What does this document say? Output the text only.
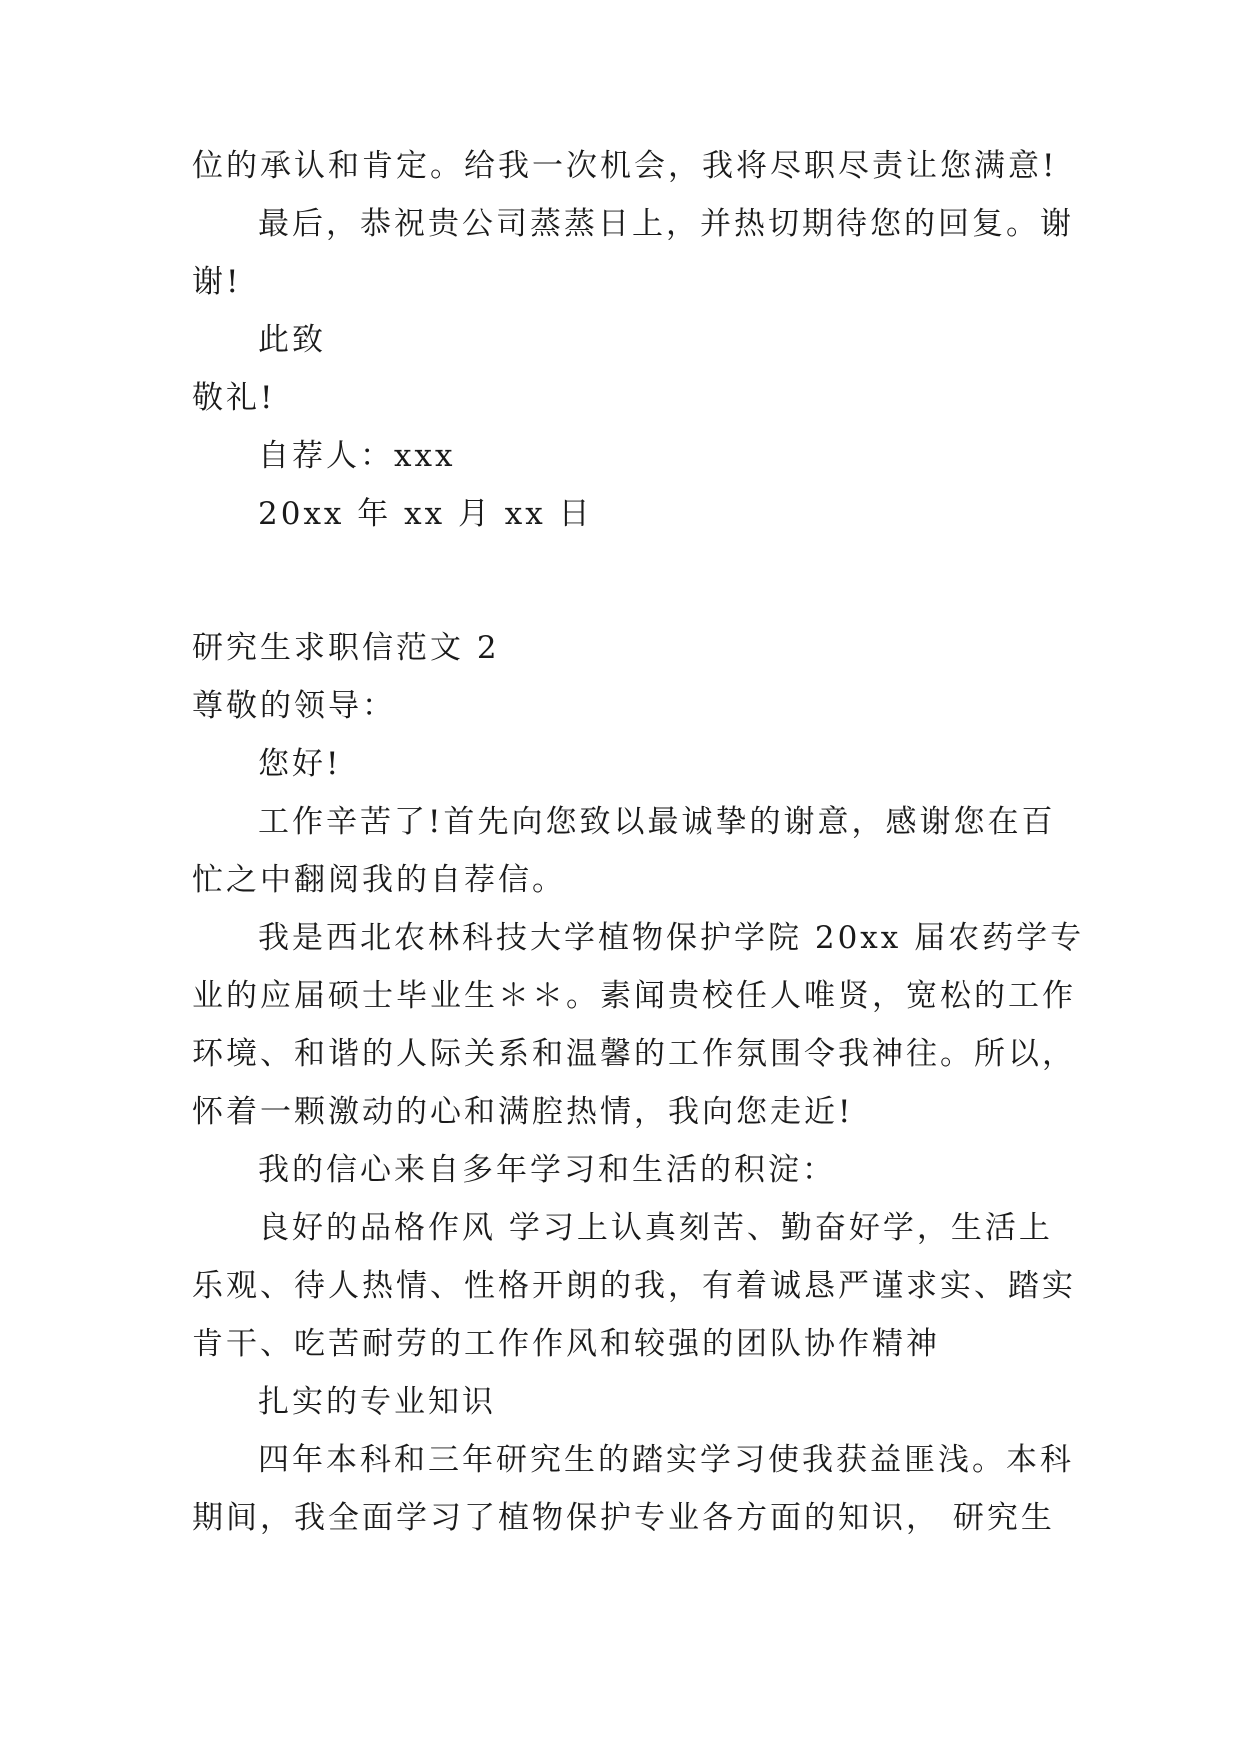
位的承认和肯定。给我一次机会，我将尽职尽责让您满意!
最后，恭祝贵公司蒸蒸日上，并热切期待您的回复。谢
谢!
此致
敬礼!
自荐人：xxx
20xx 年 xx 月 xx 日
研究生求职信范文 2
尊敬的领导：
您好!
工作辛苦了!首先向您致以最诚挚的谢意，感谢您在百
忙之中翻阅我的自荐信。
我是西北农林科技大学植物保护学院 20xx 届农药学专
业的应届硕士毕业生＊＊。素闻贵校任人唯贤，宽松的工作
环境、和谐的人际关系和温馨的工作氛围令我神往。所以，
怀着一颗激动的心和满腔热情，我向您走近!
我的信心来自多年学习和生活的积淀：
良好的品格作风 学习上认真刻苦、勤奋好学，生活上
乐观、待人热情、性格开朗的我，有着诚恳严谨求实、踏实
肯干、吃苦耐劳的工作作风和较强的团队协作精神
扎实的专业知识
四年本科和三年研究生的踏实学习使我获益匪浅。本科
期间，我全面学习了植物保护专业各方面的知识， 研究生
